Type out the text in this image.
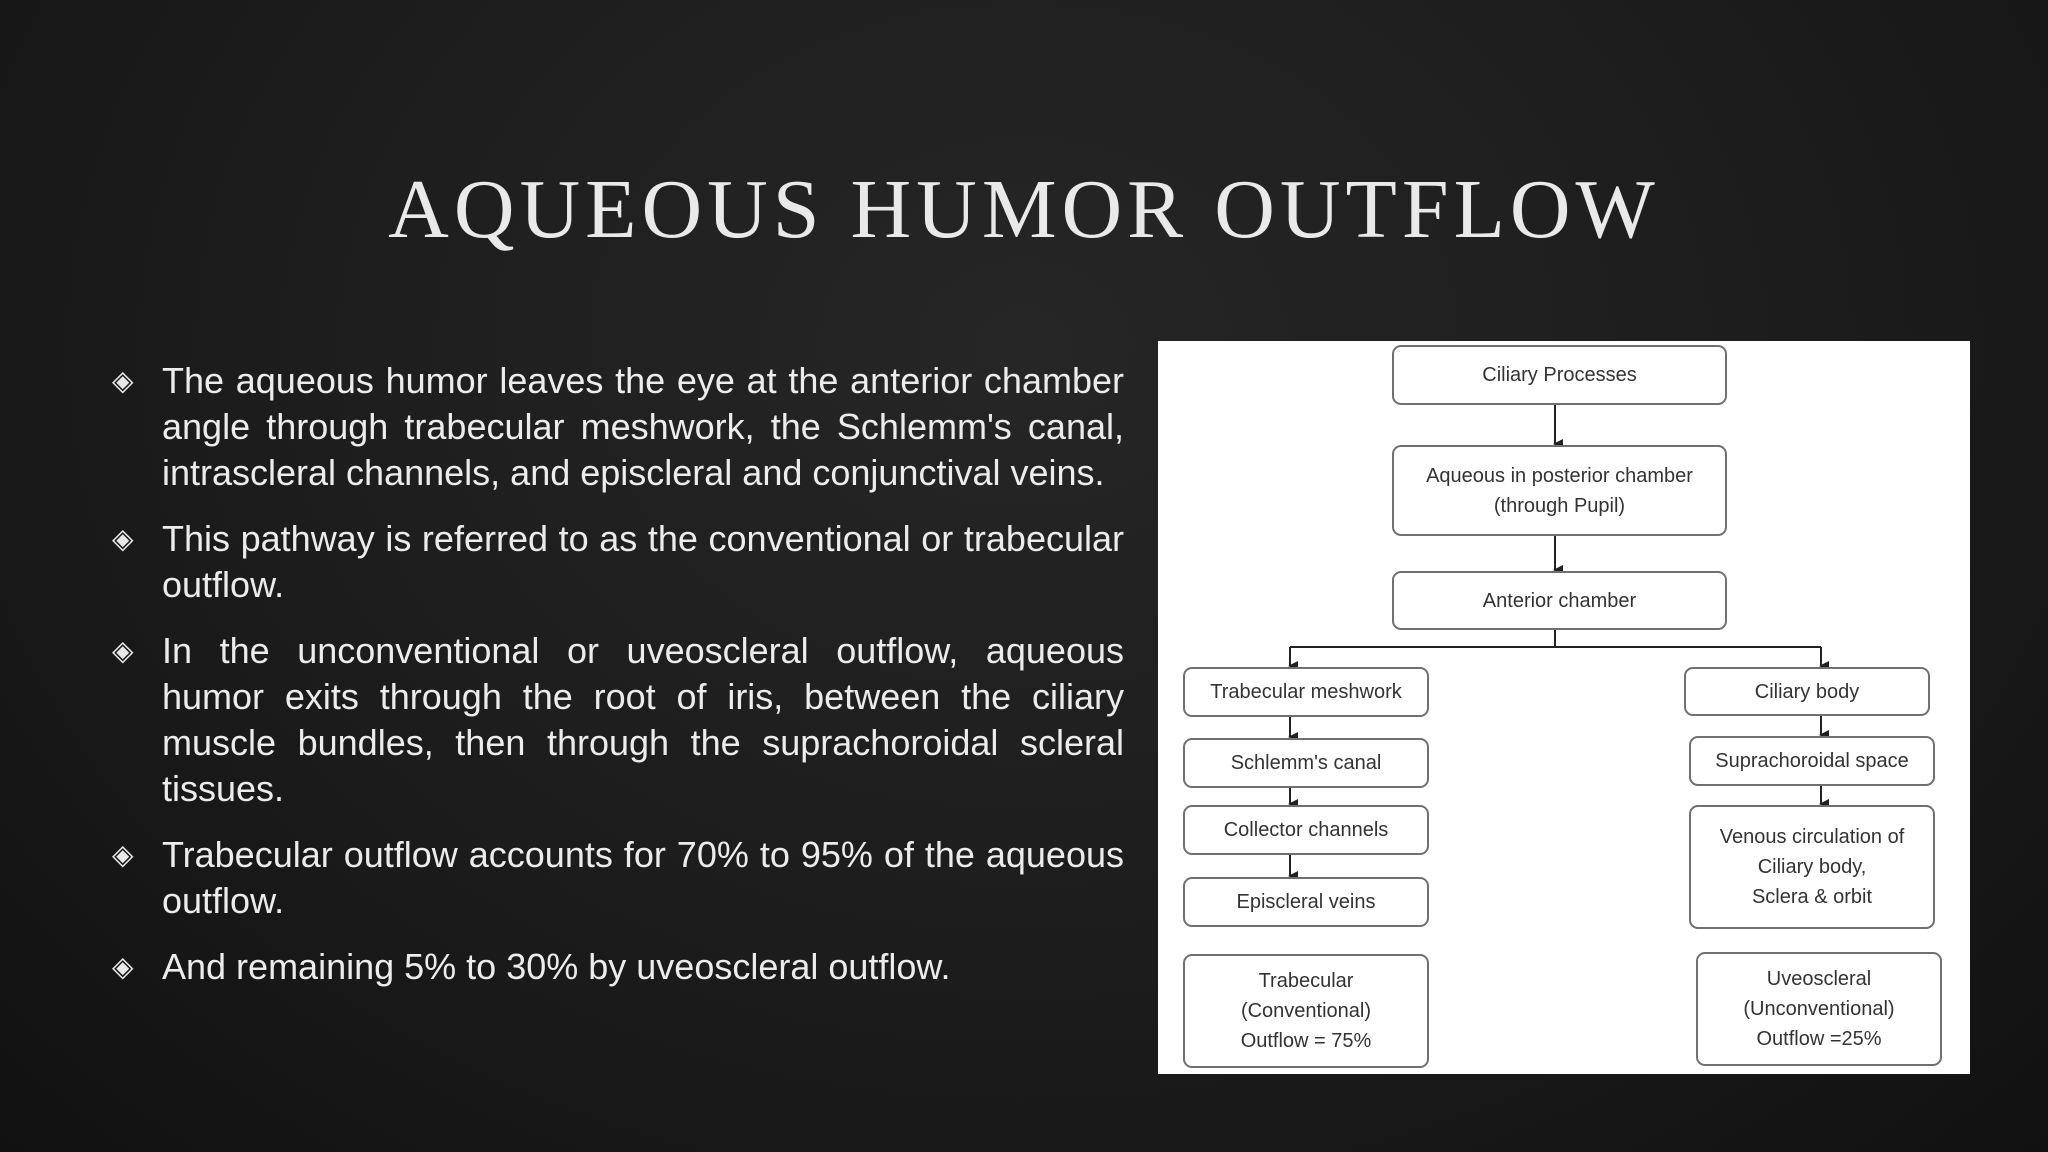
AQUEOUS HUMOR OUTFLOW
◈ The aqueous humor leaves the eye at the anterior chamber angle through trabecular meshwork, the Schlemm's canal, intrascleral channels, and episcleral and conjunctival veins.
◈ This pathway is referred to as the conventional or trabecular outflow.
◈ In the unconventional or uveoscleral outflow, aqueous humor exits through the root of iris, between the ciliary muscle bundles, then through the suprachoroidal scleral tissues.
◈ Trabecular outflow accounts for 70% to 95% of the aqueous outflow.
◈ And remaining 5% to 30% by uveoscleral outflow.
Ciliary Processes
Aqueous in posterior chamber
(through Pupil)
Anterior chamber
Trabecular meshwork
Schlemm's canal
Collector channels
Episcleral veins
Trabecular
(Conventional)
Outflow = 75%
Ciliary body
Suprachoroidal space
Venous circulation of
Ciliary body,
Sclera & orbit
Uveoscleral
(Unconventional)
Outflow =25%
